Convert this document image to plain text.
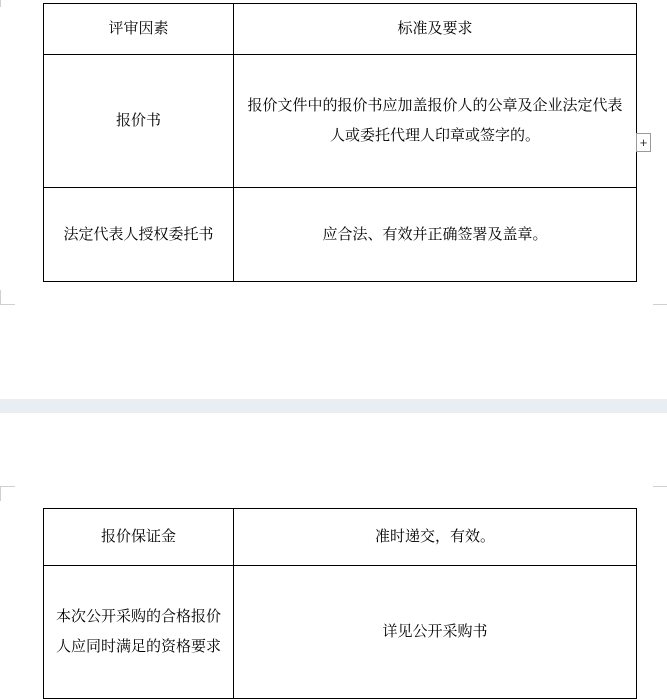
评审因素	标准及要求

报价书	报价文件中的报价书应加盖报价人的公章及企业法定代表人或委托代理人印章或签字的。

法定代表人授权委托书	应合法、有效并正确签署及盖章。
+
报价保证金	准时递交，有效。

本次公开采购的合格报价人应同时满足的资格要求	详见公开采购书
